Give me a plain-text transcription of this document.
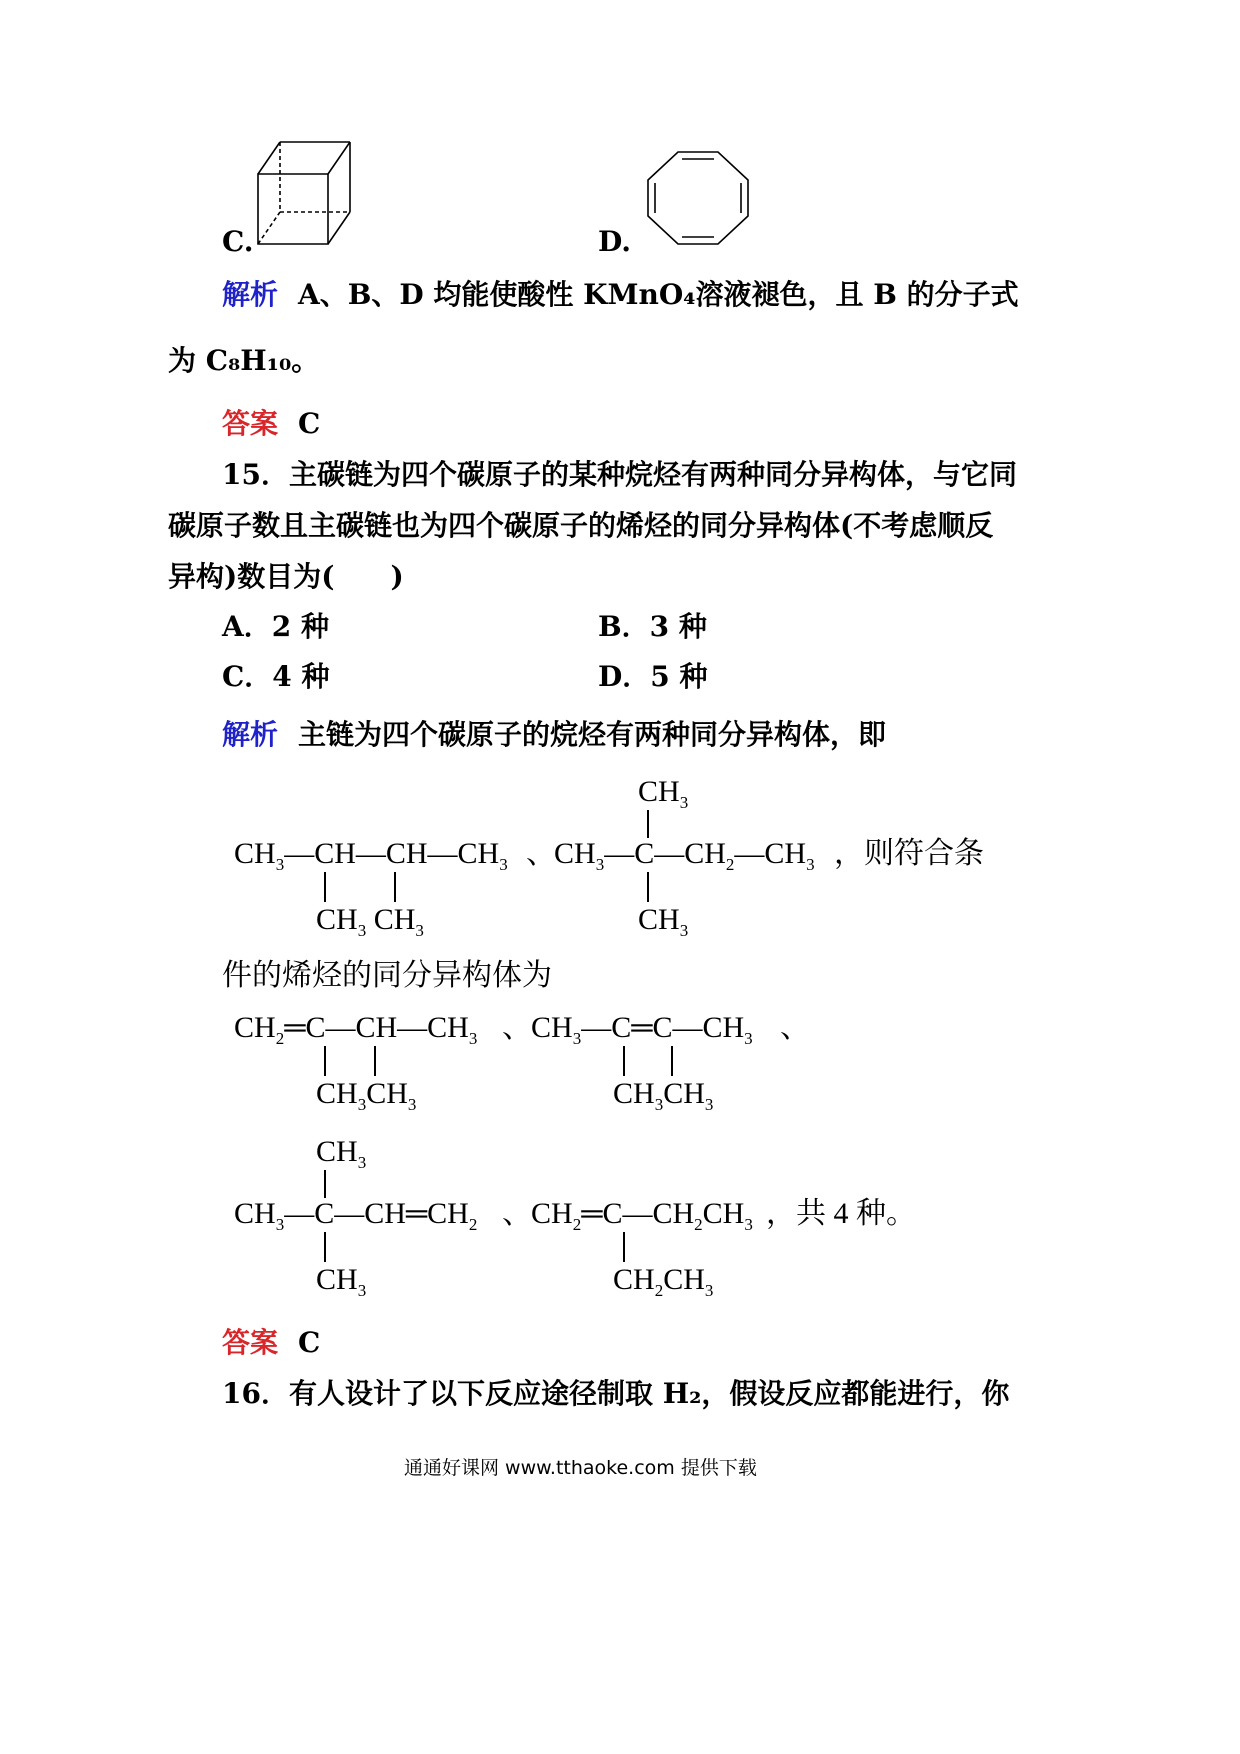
C.	D.
解析 A、B、D 均能使酸性 KMnO₄溶液褪色，且 B 的分子式
为 C₈H₁₀。
答案 C
15．主碳链为四个碳原子的某种烷烃有两种同分异构体，与它同
碳原子数且主碳链也为四个碳原子的烯烃的同分异构体(不考虑顺反
异构)数目为(　　)
A．2 种	B．3 种
C．4 种	D．5 种
解析 主链为四个碳原子的烷烃有两种同分异构体，即
$CH_3—CH—CH—CH_3$
$CH_3$ $CH_3$
、
$CH_3$
$CH_3—C—CH_2—CH_3$
$CH_3$
，则符合条
件的烯烃的同分异构体为
$CH_2═C—CH—CH_3$
$CH_3CH_3$
、 $CH_3—C═C—CH_3$
$CH_3CH_3$
、
$CH_3$
$CH_3—C—CH═CH_2$
$CH_3$
、 $CH_2═C—CH_2CH_3$
$CH_2CH_3$
，共 4 种。
答案 C
16．有人设计了以下反应途径制取 H₂，假设反应都能进行，你
通通好课网 www.tthaoke.com 提供下载
